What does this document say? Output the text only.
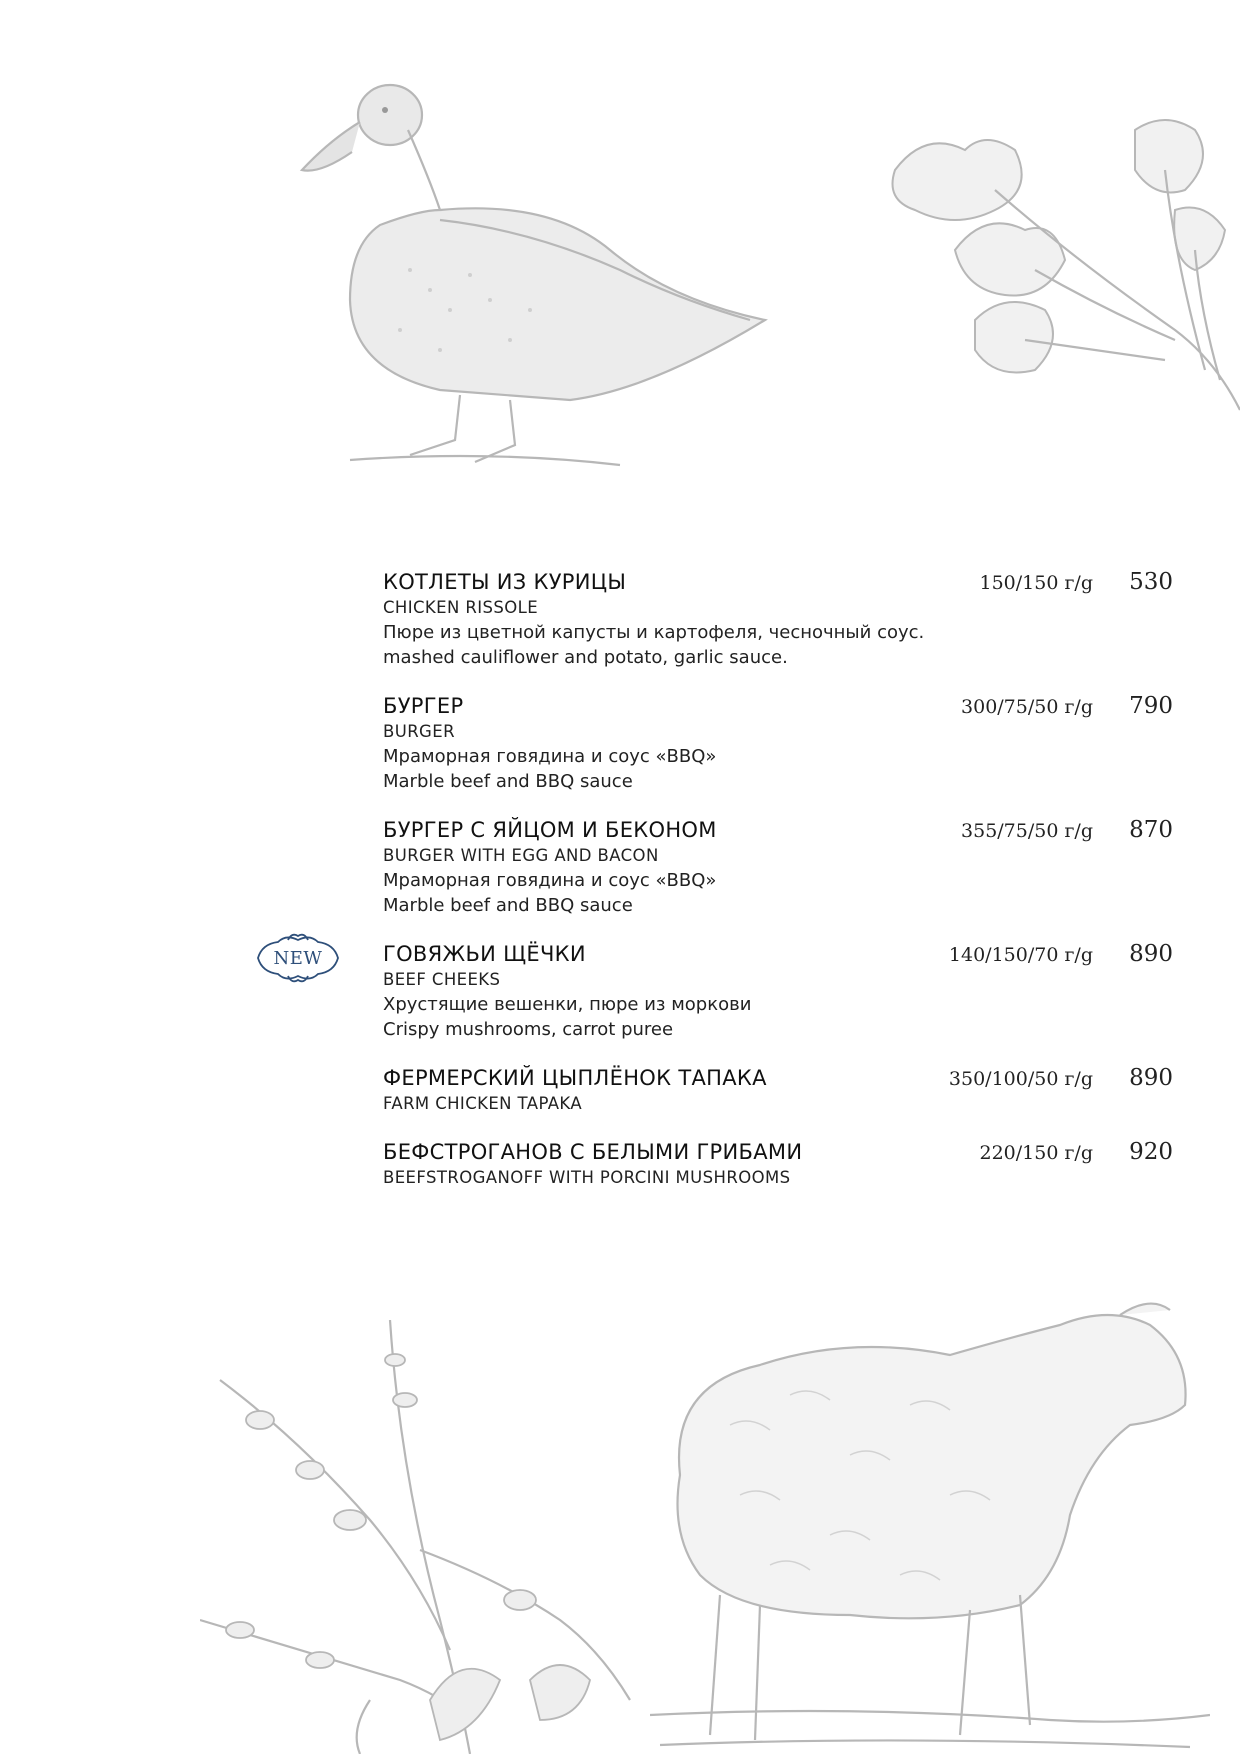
NEW
КОТЛЕТЫ ИЗ КУРИЦЫ
CHICKEN RISSOLE
Пюре из цветной капусты и картофеля, чесночный соус.
mashed cauliflower and potato, garlic sauce.
150/150 г/g 530
БУРГЕР
BURGER
Мраморная говядина и соус «BBQ»
Marble beef and BBQ sauce
300/75/50 г/g 790
БУРГЕР С ЯЙЦОМ И БЕКОНОМ
BURGER WITH EGG AND BACON
Мраморная говядина и соус «BBQ»
Marble beef and BBQ sauce
355/75/50 г/g 870
ГОВЯЖЬИ ЩЁЧКИ
BEEF CHEEKS
Хрустящие вешенки, пюре из моркови
Crispy mushrooms, carrot puree
140/150/70 г/g 890
ФЕРМЕРСКИЙ ЦЫПЛЁНОК ТАПАКА
FARM CHICKEN TAPAKA
350/100/50 г/g 890
БЕФСТРОГАНОВ С БЕЛЫМИ ГРИБАМИ
BEEFSTROGANOFF WITH PORCINI MUSHROOMS
220/150 г/g 920
